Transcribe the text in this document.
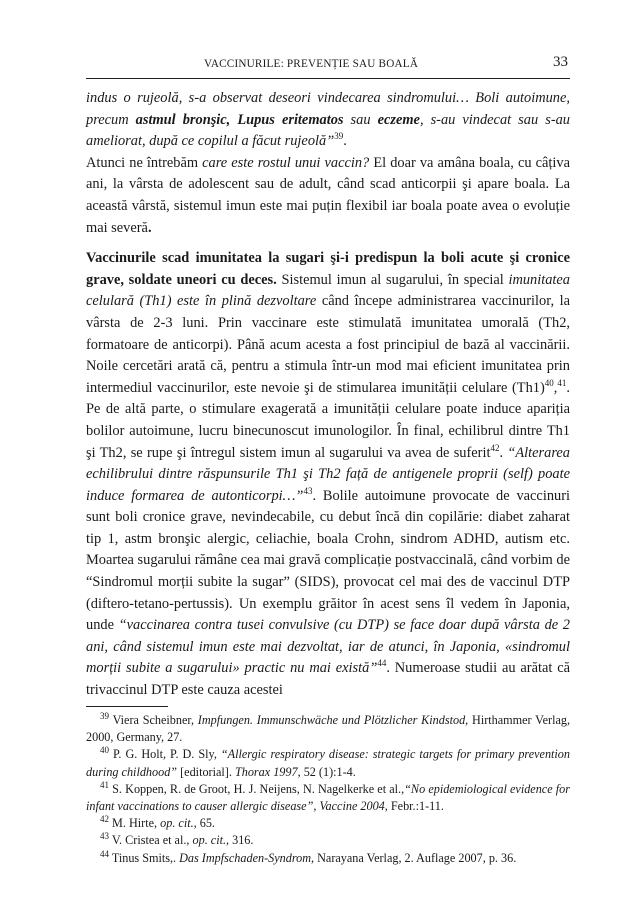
VACCINURILE: PREVENȚIE SAU BOALĂ	33

indus o rujeolă, s-a observat deseori vindecarea sindromului… Boli autoimune, precum astmul bronşic, Lupus eritematos sau eczeme, s-au vindecat sau s-au ameliorat, după ce copilul a făcut rujeolă”$^{39}$.

Atunci ne întrebăm care este rostul unui vaccin? El doar va amâna boala, cu câțiva ani, la vârsta de adolescent sau de adult, când scad anticorpii şi apare boala. La această vârstă, sistemul imun este mai puțin flexibil iar boala poate avea o evoluție mai severă.

Vaccinurile scad imunitatea la sugari şi-i predispun la boli acute şi cronice grave, soldate uneori cu deces. Sistemul imun al sugarului, în special imunitatea celulară (Th1) este în plină dezvoltare când începe administrarea vaccinurilor, la vârsta de 2-3 luni. Prin vaccinare este stimulată imunitatea umorală (Th2, formatoare de anticorpi). Până acum acesta a fost principiul de bază al vaccinării. Noile cercetări arată că, pentru a stimula într-un mod mai eficient imunitatea prin intermediul vaccinurilor, este nevoie şi de stimularea imunității celulare $(Th1)^{40},^{41}$. Pe de altă parte, o stimulare exagerată a imunității celulare poate induce apariția bolilor autoimune, lucru binecunoscut imunologilor. În final, echilibrul dintre Th1 şi Th2, se rupe şi întregul sistem imun al sugarului va avea de suferit$^{42}$. “Alterarea echilibrului dintre răspunsurile Th1 şi Th2 față de antigenele proprii (self) poate induce formarea de autonticorpi…”$^{43}$. Bolile autoimune provocate de vaccinuri sunt boli cronice grave, nevindecabile, cu debut încă din copilărie: diabet zaharat tip 1, astm bronşic alergic, celiachie, boala Crohn, sindrom ADHD, autism etc. Moartea sugarului rămâne cea mai gravă complicație postvaccinală, când vorbim de “Sindromul morții subite la sugar” (SIDS), provocat cel mai des de vaccinul DTP (diftero-tetano-pertussis). Un exemplu grăitor în acest sens îl vedem în Japonia, unde “vaccinarea contra tusei convulsive (cu DTP) se face doar după vârsta de 2 ani, când sistemul imun este mai dezvoltat, iar de atunci, în Japonia, «sindromul morții subite a sugarului» practic nu mai există”$^{44}$. Numeroase studii au arătat că trivaccinul DTP este cauza acestei

$^{39}$ Viera Scheibner, Impfungen. Immunschwäche und Plötzlicher Kindstod, Hirthammer Verlag, 2000, Germany, 27.

$^{40}$ P. G. Holt, P. D. Sly, “Allergic respiratory disease: strategic targets for primary prevention during childhood” [editorial]. Thorax 1997, 52 (1):1-4.

$^{41}$ S. Koppen, R. de Groot, H. J. Neijens, N. Nagelkerke et al.,“No epidemiological evidence for infant vaccinations to causer allergic disease”, Vaccine 2004, Febr.:1-11.

$^{42}$ M. Hirte, op. cit., 65.

$^{43}$ V. Cristea et al., op. cit., 316.

$^{44}$ Tinus Smits,. Das Impfschaden-Syndrom, Narayana Verlag, 2. Auflage 2007, p. 36.
